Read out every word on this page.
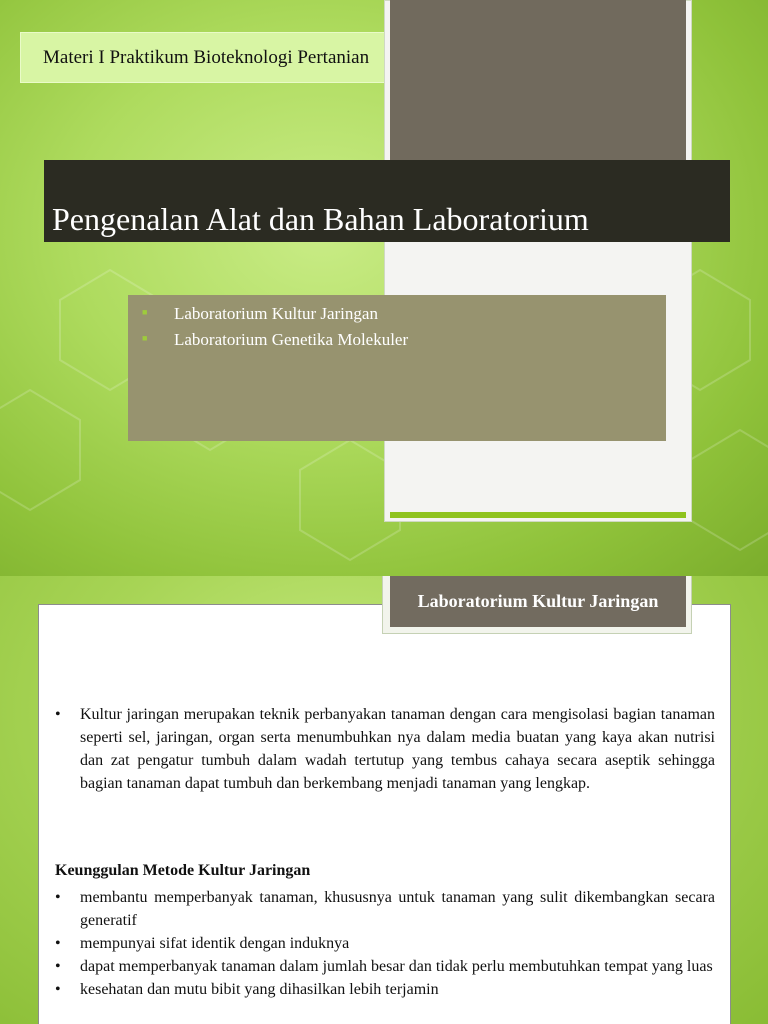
Materi I Praktikum Bioteknologi Pertanian
Pengenalan Alat dan Bahan Laboratorium
■	Laboratorium Kultur Jaringan
■	Laboratorium Genetika Molekuler
•	Kultur jaringan merupakan teknik perbanyakan tanaman dengan cara mengisolasi bagian tanaman seperti sel, jaringan, organ serta menumbuhkan nya dalam media buatan yang kaya akan nutrisi dan zat pengatur tumbuh dalam wadah tertutup yang tembus cahaya secara aseptik sehingga bagian tanaman dapat tumbuh dan berkembang menjadi tanaman yang lengkap.
Keunggulan Metode Kultur Jaringan
•	membantu memperbanyak tanaman, khususnya untuk tanaman yang sulit dikembangkan secara generatif
•	mempunyai sifat identik dengan induknya
•	dapat memperbanyak tanaman dalam jumlah besar dan tidak perlu membutuhkan tempat yang luas
•	kesehatan dan mutu bibit yang dihasilkan lebih terjamin
Laboratorium Kultur Jaringan
